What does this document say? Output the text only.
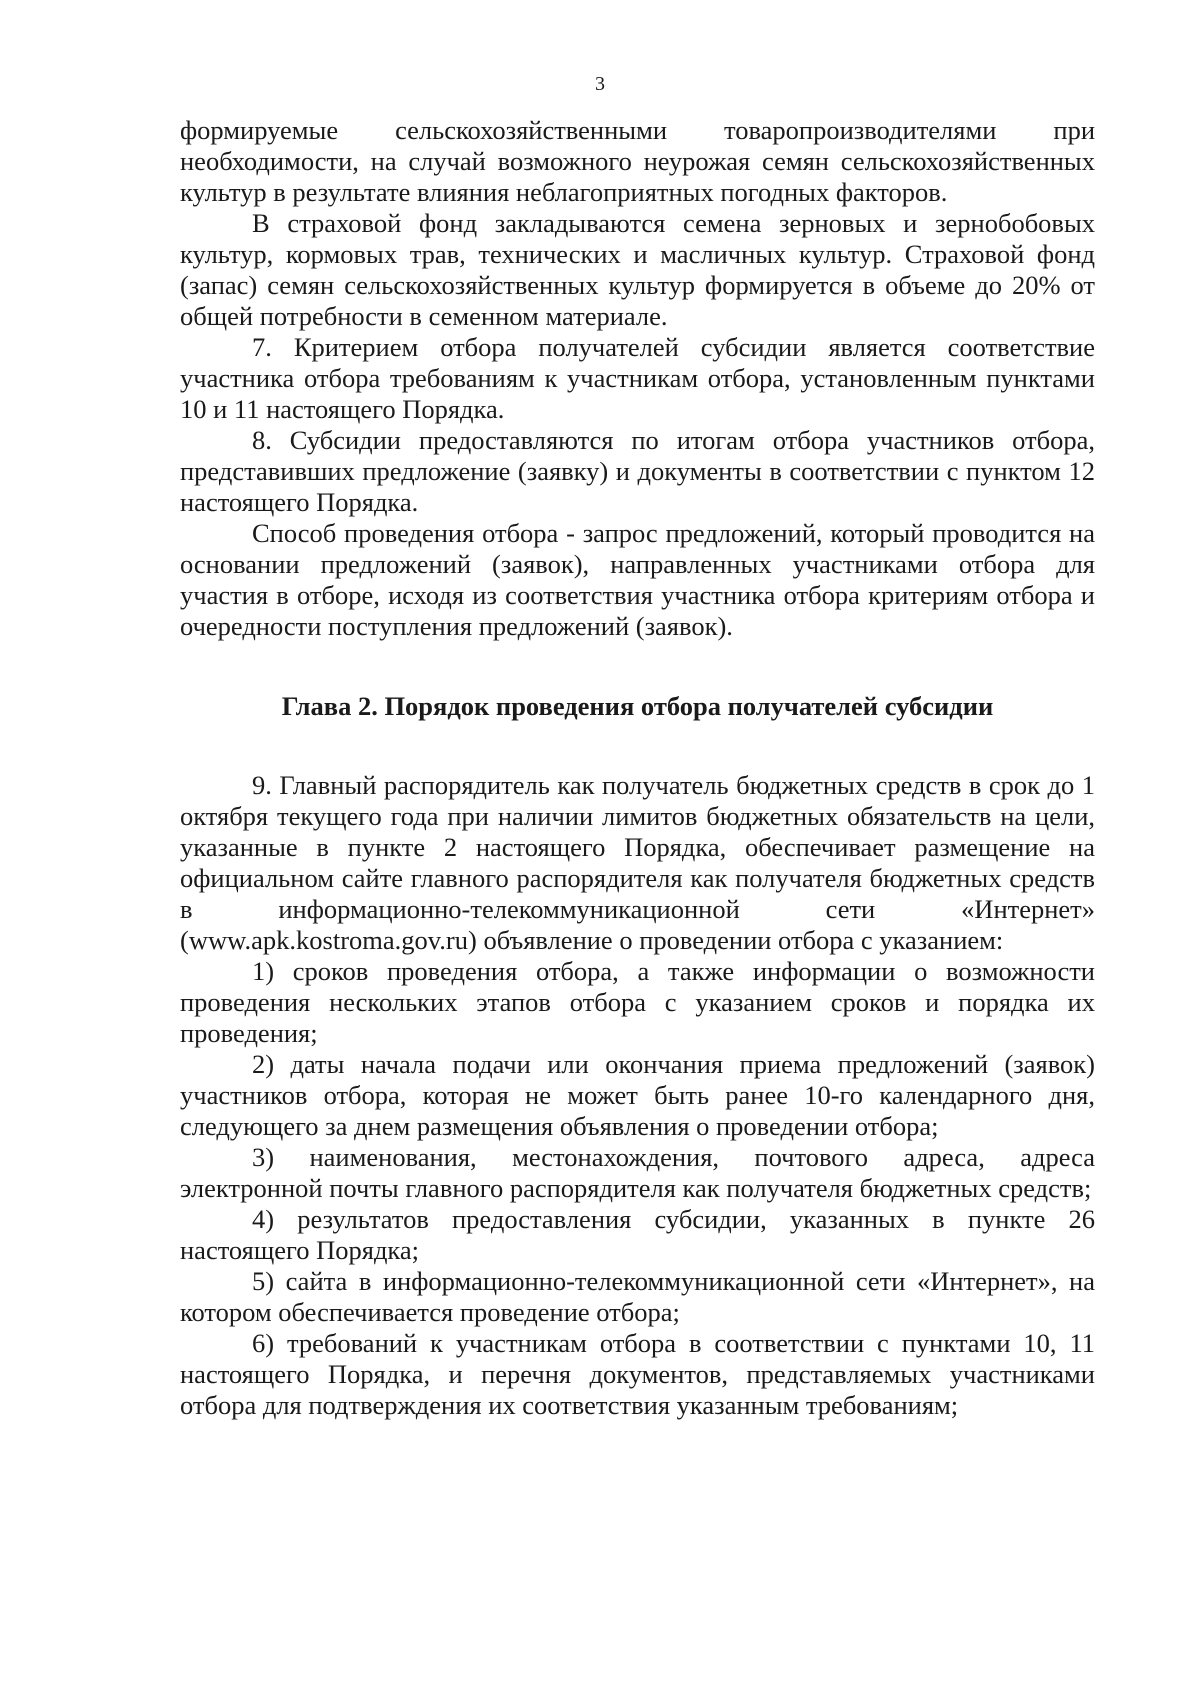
3

формируемые сельскохозяйственными товаропроизводителями при необходимости, на случай возможного неурожая семян сельскохозяйственных культур в результате влияния неблагоприятных погодных факторов.

В страховой фонд закладываются семена зерновых и зернобобовых культур, кормовых трав, технических и масличных культур. Страховой фонд (запас) семян сельскохозяйственных культур формируется в объеме до 20% от общей потребности в семенном материале.

7. Критерием отбора получателей субсидии является соответствие участника отбора требованиям к участникам отбора, установленным пунктами 10 и 11 настоящего Порядка.

8. Субсидии предоставляются по итогам отбора участников отбора, представивших предложение (заявку) и документы в соответствии с пунктом 12 настоящего Порядка.

Способ проведения отбора - запрос предложений, который проводится на основании предложений (заявок), направленных участниками отбора для участия в отборе, исходя из соответствия участника отбора критериям отбора и очередности поступления предложений (заявок).

Глава 2. Порядок проведения отбора получателей субсидии

9. Главный распорядитель как получатель бюджетных средств в срок до 1 октября текущего года при наличии лимитов бюджетных обязательств на цели, указанные в пункте 2 настоящего Порядка, обеспечивает размещение на официальном сайте главного распорядителя как получателя бюджетных средств в информационно-телекоммуникационной сети «Интернет» (www.apk.kostroma.gov.ru) объявление о проведении отбора с указанием:

1) сроков проведения отбора, а также информации о возможности проведения нескольких этапов отбора с указанием сроков и порядка их проведения;

2) даты начала подачи или окончания приема предложений (заявок) участников отбора, которая не может быть ранее 10-го календарного дня, следующего за днем размещения объявления о проведении отбора;

3) наименования, местонахождения, почтового адреса, адреса электронной почты главного распорядителя как получателя бюджетных средств;

4) результатов предоставления субсидии, указанных в пункте 26 настоящего Порядка;

5) сайта в информационно-телекоммуникационной сети «Интернет», на котором обеспечивается проведение отбора;

6) требований к участникам отбора в соответствии с пунктами 10, 11 настоящего Порядка, и перечня документов, представляемых участниками отбора для подтверждения их соответствия указанным требованиям;
